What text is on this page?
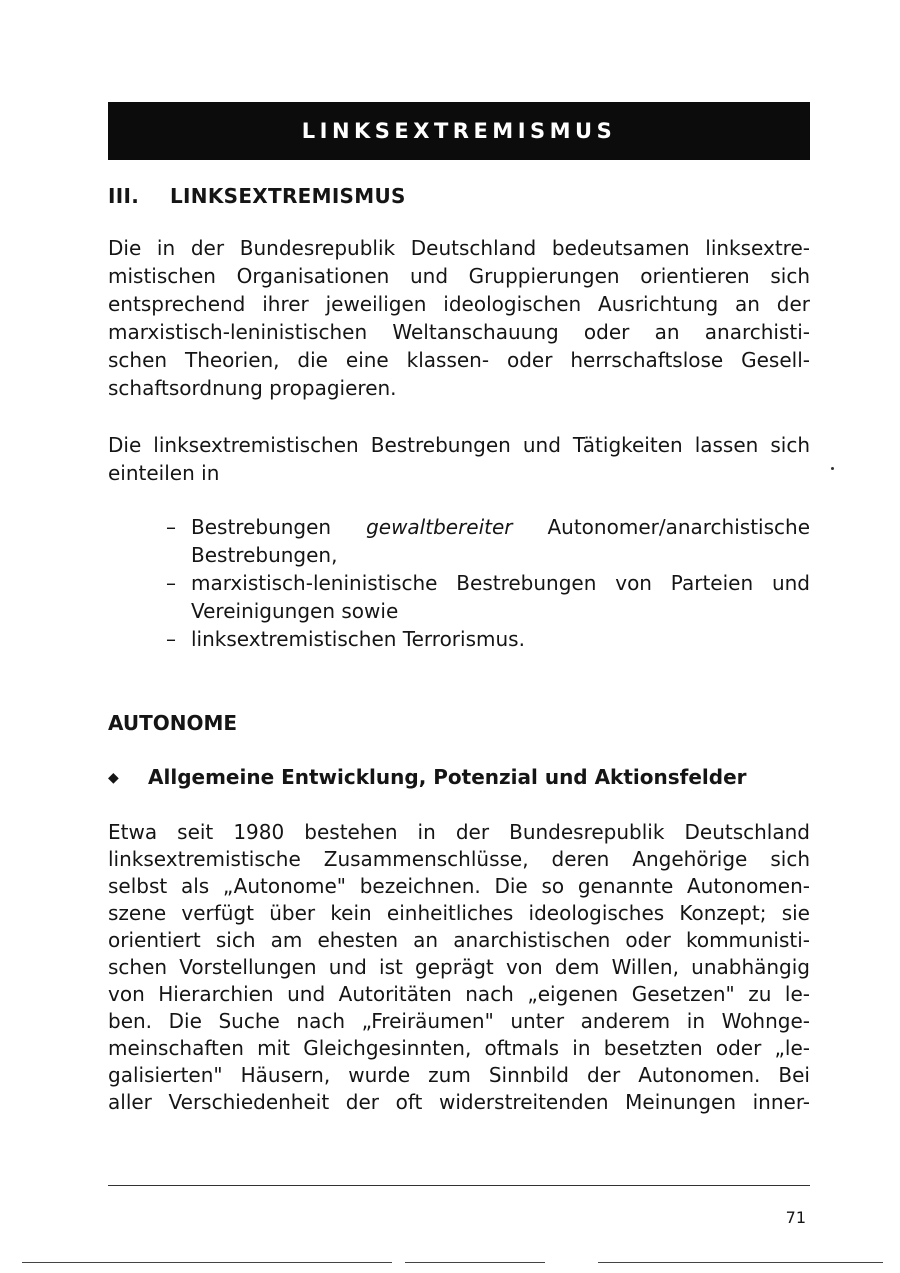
LINKSEXTREMISMUS
III. LINKSEXTREMISMUS
Die in der Bundesrepublik Deutschland bedeutsamen linksextre-
mistischen Organisationen und Gruppierungen orientieren sich
entsprechend ihrer jeweiligen ideologischen Ausrichtung an der
marxistisch-leninistischen Weltanschauung oder an anarchisti-
schen Theorien, die eine klassen- oder herrschaftslose Gesell-
schaftsordnung propagieren.
Die linksextremistischen Bestrebungen und Tätigkeiten lassen sich
einteilen in
– Bestrebungen gewaltbereiter Autonomer/anarchistische
Bestrebungen,
– marxistisch-leninistische Bestrebungen von Parteien und
Vereinigungen sowie
– linksextremistischen Terrorismus.
AUTONOME
◆ Allgemeine Entwicklung, Potenzial und Aktionsfelder
Etwa seit 1980 bestehen in der Bundesrepublik Deutschland
linksextremistische Zusammenschlüsse, deren Angehörige sich
selbst als „Autonome" bezeichnen. Die so genannte Autonomen-
szene verfügt über kein einheitliches ideologisches Konzept; sie
orientiert sich am ehesten an anarchistischen oder kommunisti-
schen Vorstellungen und ist geprägt von dem Willen, unabhängig
von Hierarchien und Autoritäten nach „eigenen Gesetzen" zu le-
ben. Die Suche nach „Freiräumen" unter anderem in Wohnge-
meinschaften mit Gleichgesinnten, oftmals in besetzten oder „le-
galisierten" Häusern, wurde zum Sinnbild der Autonomen. Bei
aller Verschiedenheit der oft widerstreitenden Meinungen inner-
71
